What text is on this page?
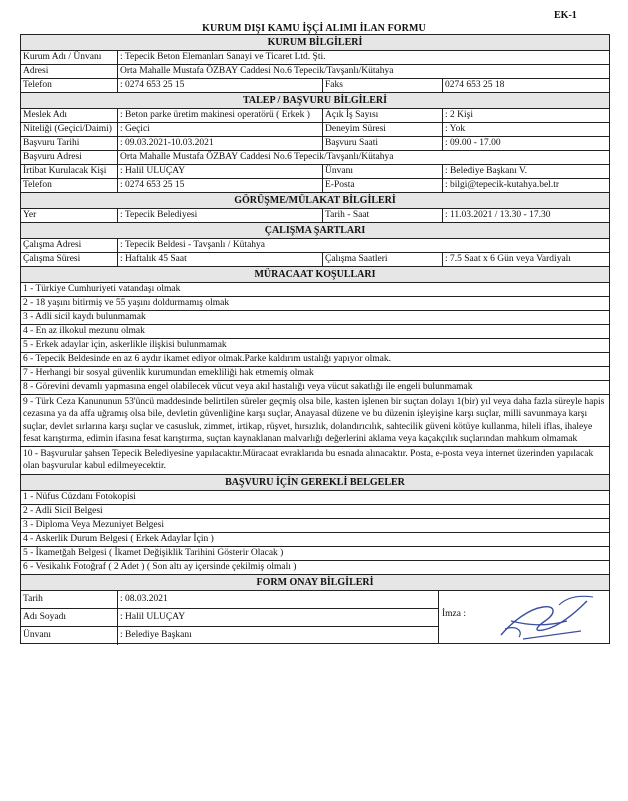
EK-1
KURUM DIŞI KAMU İŞÇİ ALIMI İLAN FORMU
KURUM BİLGİLERİ
Kurum Adı / Ünvanı	: Tepecik Beton Elemanları Sanayi ve Ticaret Ltd. Şti.
Adresi	Orta Mahalle Mustafa ÖZBAY Caddesi No.6 Tepecik/Tavşanlı/Kütahya
Telefon	: 0274 653 25 15	Faks	0274 653 25 18
TALEP / BAŞVURU BİLGİLERİ
Meslek Adı	: Beton parke üretim makinesi operatörü ( Erkek )	Açık İş Sayısı	: 2 Kişi
Niteliği (Geçici/Daimi) : Geçici	Deneyim Süresi	: Yok
Başvuru Tarihi	: 09.03.2021-10.03.2021	Başvuru Saati	: 09.00 - 17.00
Başvuru Adresi	Orta Mahalle Mustafa ÖZBAY Caddesi No.6 Tepecik/Tavşanlı/Kütahya
İrtibat Kurulacak Kişi	: Halil ULUÇAY	Ünvanı	: Belediye Başkanı V.
Telefon	: 0274 653 25 15	E-Posta	: bilgi@tepecik-kutahya.bel.tr
GÖRÜŞME/MÜLAKAT BİLGİLERİ
Yer	: Tepecik Belediyesi	Tarih - Saat	: 11.03.2021 / 13.30 - 17.30
ÇALIŞMA ŞARTLARI
Çalışma Adresi	: Tepecik Beldesi - Tavşanlı / Kütahya
Çalışma Süresi	: Haftalık 45 Saat	Çalışma Saatleri	: 7.5 Saat x 6 Gün veya Vardiyalı
MÜRACAAT KOŞULLARI
1 - Türkiye Cumhuriyeti vatandaşı olmak
2 - 18 yaşını bitirmiş ve 55 yaşını doldurmamış olmak
3 - Adli sicil kaydı bulunmamak
4 - En az ilkokul mezunu olmak
5 - Erkek adaylar için, askerlikle ilişkisi bulunmamak
6 - Tepecik Beldesinde en az 6 aydır ikamet ediyor olmak.Parke kaldırım ustalığı yapıyor olmak.
7 - Herhangi bir sosyal güvenlik kurumundan emekliliği hak etmemiş olmak
8 - Görevini devamlı yapmasına engel olabilecek vücut veya akıl hastalığı veya vücut sakatlığı ile engeli bulunmamak
9 - Türk Ceza Kanununun 53'üncü maddesinde belirtilen süreler geçmiş olsa bile, kasten işlenen bir suçtan dolayı 1(bir) yıl veya daha fazla süreyle hapis cezasına ya da affa uğramış olsa bile, devletin güvenliğine karşı suçlar, Anayasal düzene ve bu düzenin işleyişine karşı suçlar, milli savunmaya karşı suçlar, devlet sırlarına karşı suçlar ve casusluk, zimmet, irtikap, rüşvet, hırsızlık, dolandırıcılık, sahtecilik güveni kötüye kullanma, hileli iflas, ihaleye fesat karıştırma, edimin ifasına fesat karıştırma, suçtan kaynaklanan malvarlığı değerlerini aklama veya kaçakçılık suçlarından mahkum olmamak
10 - Başvurular şahsen Tepecik Belediyesine yapılacaktır.Müracaat evraklarıda bu esnada alınacaktır. Posta, e-posta veya internet üzerinden yapılacak olan başvurular kabul edilmeyecektir.
BAŞVURU İÇİN GEREKLİ BELGELER
1 - Nüfus Cüzdanı Fotokopisi
2 - Adli Sicil Belgesi
3 - Diploma Veya Mezuniyet Belgesi
4 - Askerlik Durum Belgesi ( Erkek Adaylar İçin )
5 - İkametğah Belgesi ( İkamet Değişiklik Tarihini Gösterir Olacak )
6 - Vesikalık Fotoğraf ( 2 Adet ) ( Son altı ay içersinde çekilmiş olmalı )
FORM ONAY BİLGİLERİ
Tarih	: 08.03.2021
Adı Soyadı	: Halil ULUÇAY
Ünvanı	: Belediye Başkanı
İmza :
